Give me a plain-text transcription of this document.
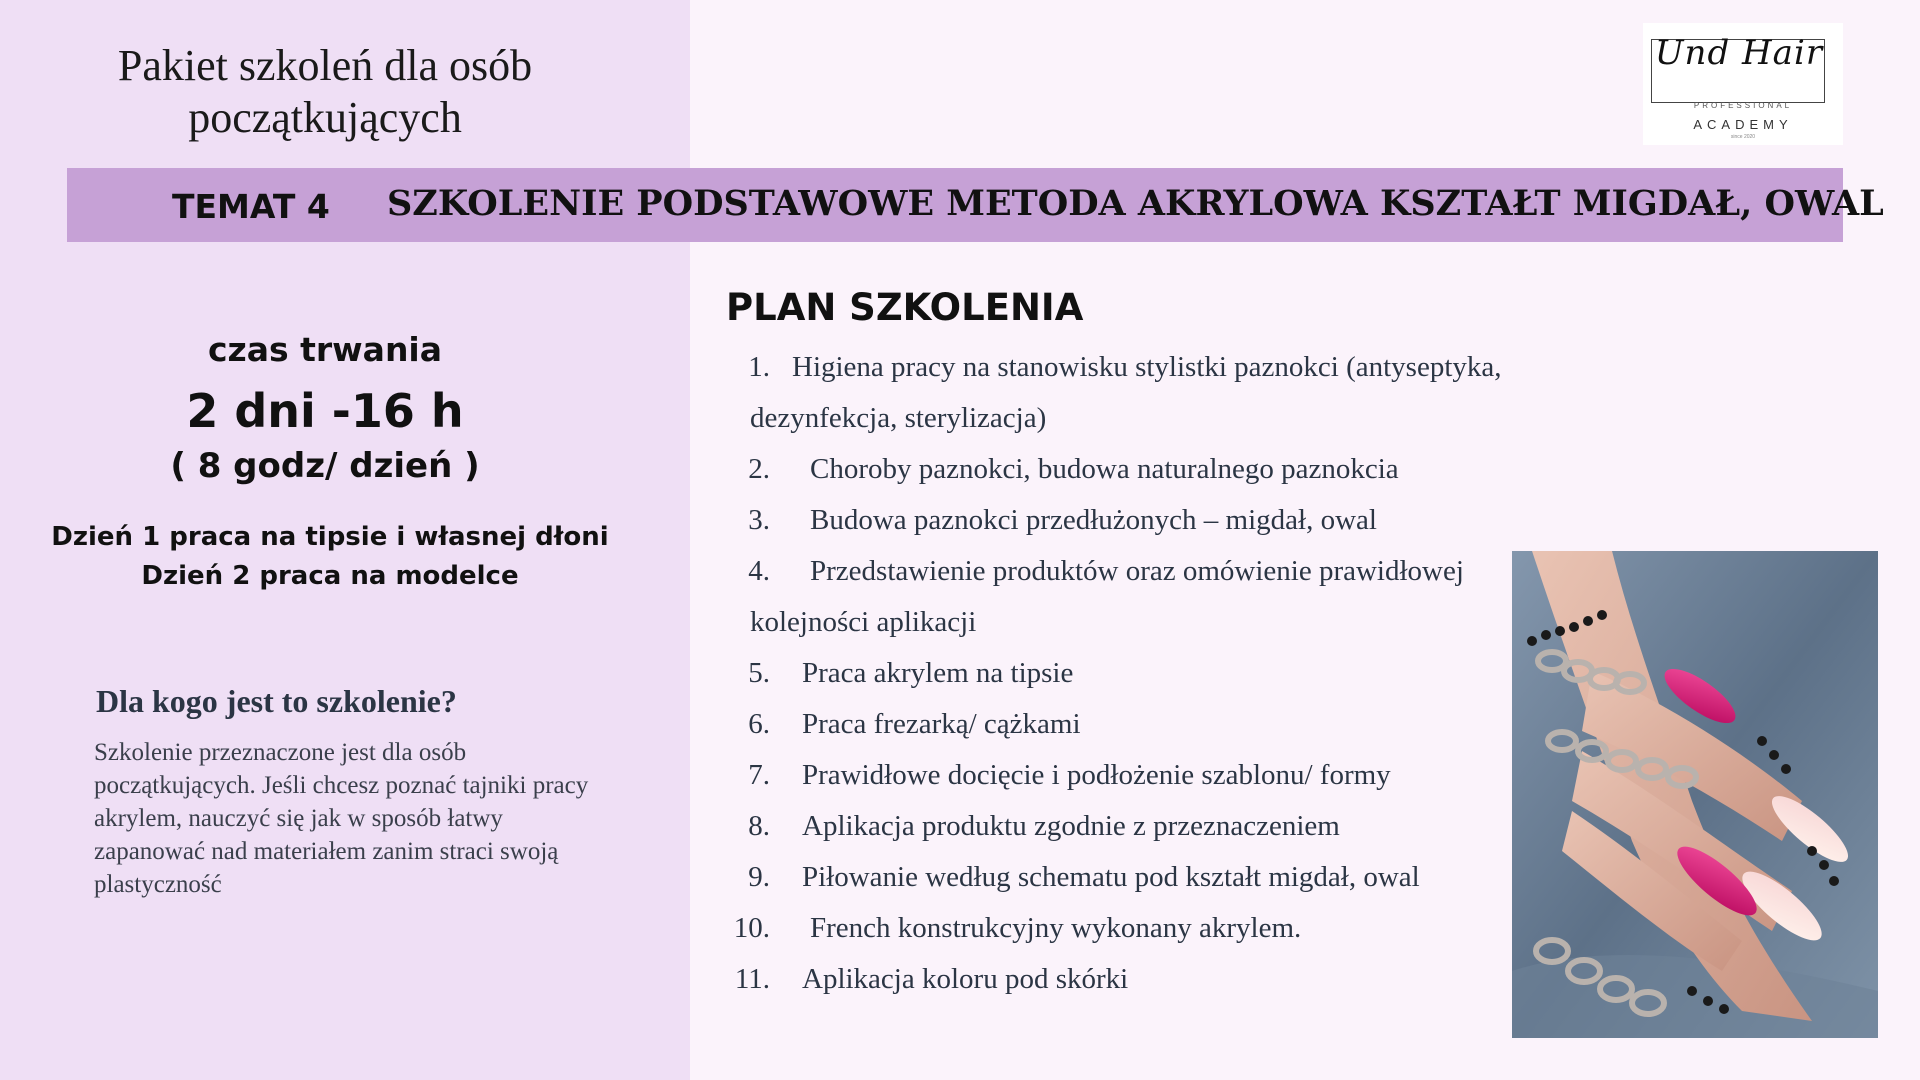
Pakiet szkoleń dla osób początkujących
Und Hair
PROFESSIONAL
ACADEMY
since 2020
TEMAT 4 SZKOLENIE PODSTAWOWE METODA AKRYLOWA KSZTAŁT MIGDAŁ, OWAL
czas trwania
2 dni -16 h
( 8 godz/ dzień )
Dzień 1 praca na tipsie i własnej dłoni
Dzień 2 praca na modelce
Dla kogo jest to szkolenie?
Szkolenie przeznaczone jest dla osób początkujących. Jeśli chcesz poznać tajniki pracy akrylem, nauczyć się jak w sposób łatwy zapanować nad materiałem zanim straci swoją plastyczność
PLAN SZKOLENIA
1. Higiena pracy na stanowisku stylistki paznokci (antyseptyka,
dezynfekcja, sterylizacja)
2.	Choroby paznokci, budowa naturalnego paznokcia
3.	Budowa paznokci przedłużonych – migdał, owal
4.	Przedstawienie produktów oraz omówienie prawidłowej
kolejności aplikacji
5.	Praca akrylem na tipsie
6.	Praca frezarką/ cążkami
7.	Prawidłowe docięcie i podłożenie szablonu/ formy
8.	Aplikacja produktu zgodnie z przeznaczeniem
9.	Piłowanie według schematu pod kształt migdał, owal
10.	French konstrukcyjny wykonany akrylem.
11.	Aplikacja koloru pod skórki
